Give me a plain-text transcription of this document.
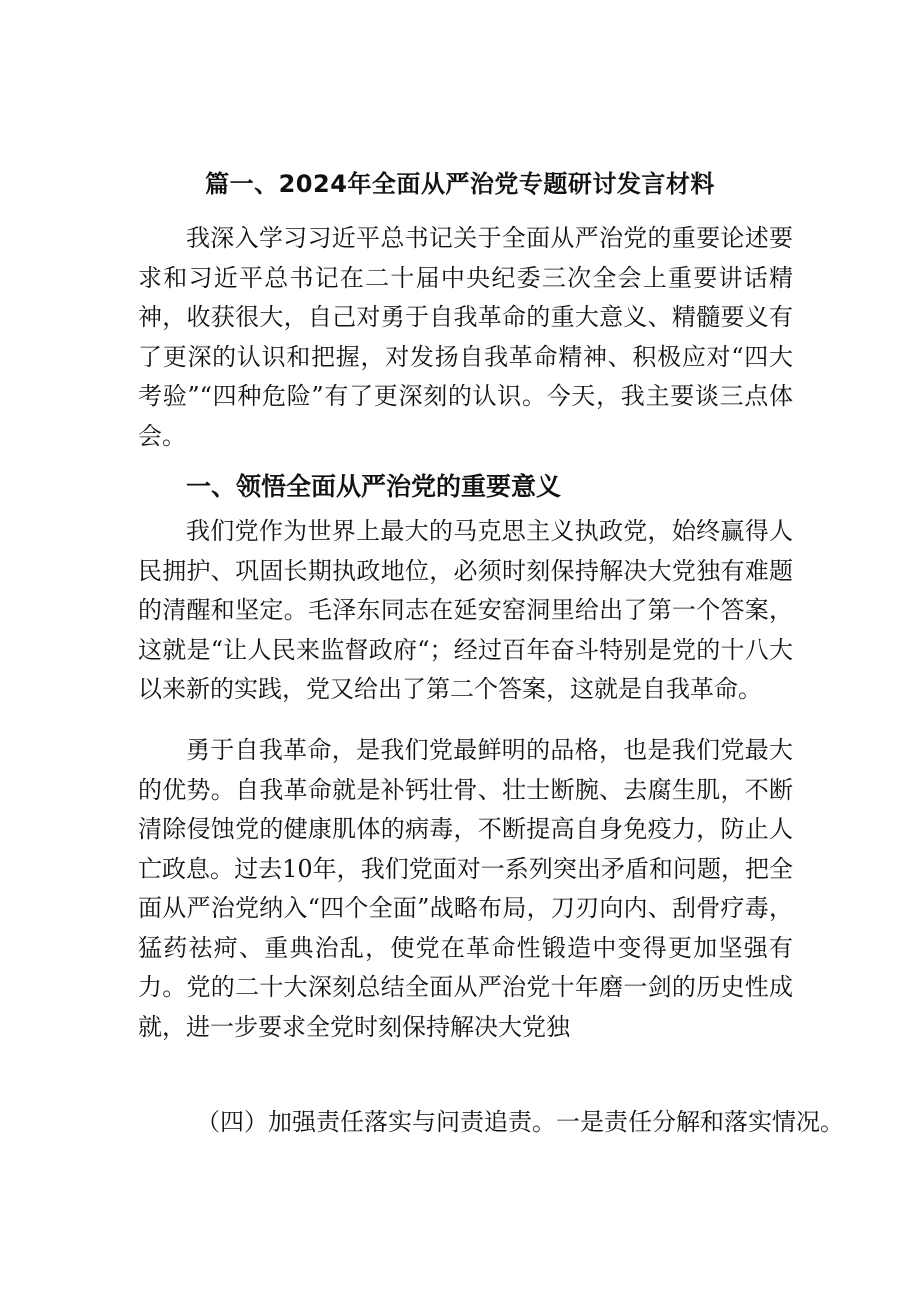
篇一、2024年全面从严治党专题研讨发言材料

我深入学习习近平总书记关于全面从严治党的重要论述要求和习近平总书记在二十届中央纪委三次全会上重要讲话精神，收获很大，自己对勇于自我革命的重大意义、精髓要义有了更深的认识和把握，对发扬自我革命精神、积极应对“四大考验”“四种危险”有了更深刻的认识。今天，我主要谈三点体会。

一、领悟全面从严治党的重要意义

我们党作为世界上最大的马克思主义执政党，始终赢得人民拥护、巩固长期执政地位，必须时刻保持解决大党独有难题的清醒和坚定。毛泽东同志在延安窑洞里给出了第一个答案，这就是“让人民来监督政府“；经过百年奋斗特别是党的十八大以来新的实践，党又给出了第二个答案，这就是自我革命。

勇于自我革命，是我们党最鲜明的品格，也是我们党最大的优势。自我革命就是补钙壮骨、壮士断腕、去腐生肌，不断清除侵蚀党的健康肌体的病毒，不断提高自身免疫力，防止人亡政息。过去10年，我们党面对一系列突出矛盾和问题，把全面从严治党纳入“四个全面”战略布局，刀刃向内、刮骨疗毒，猛药祛疴、重典治乱，使党在革命性锻造中变得更加坚强有力。党的二十大深刻总结全面从严治党十年磨一剑的历史性成就，进一步要求全党时刻保持解决大党独

（四）加强责任落实与问责追责。一是责任分解和落实情况。
